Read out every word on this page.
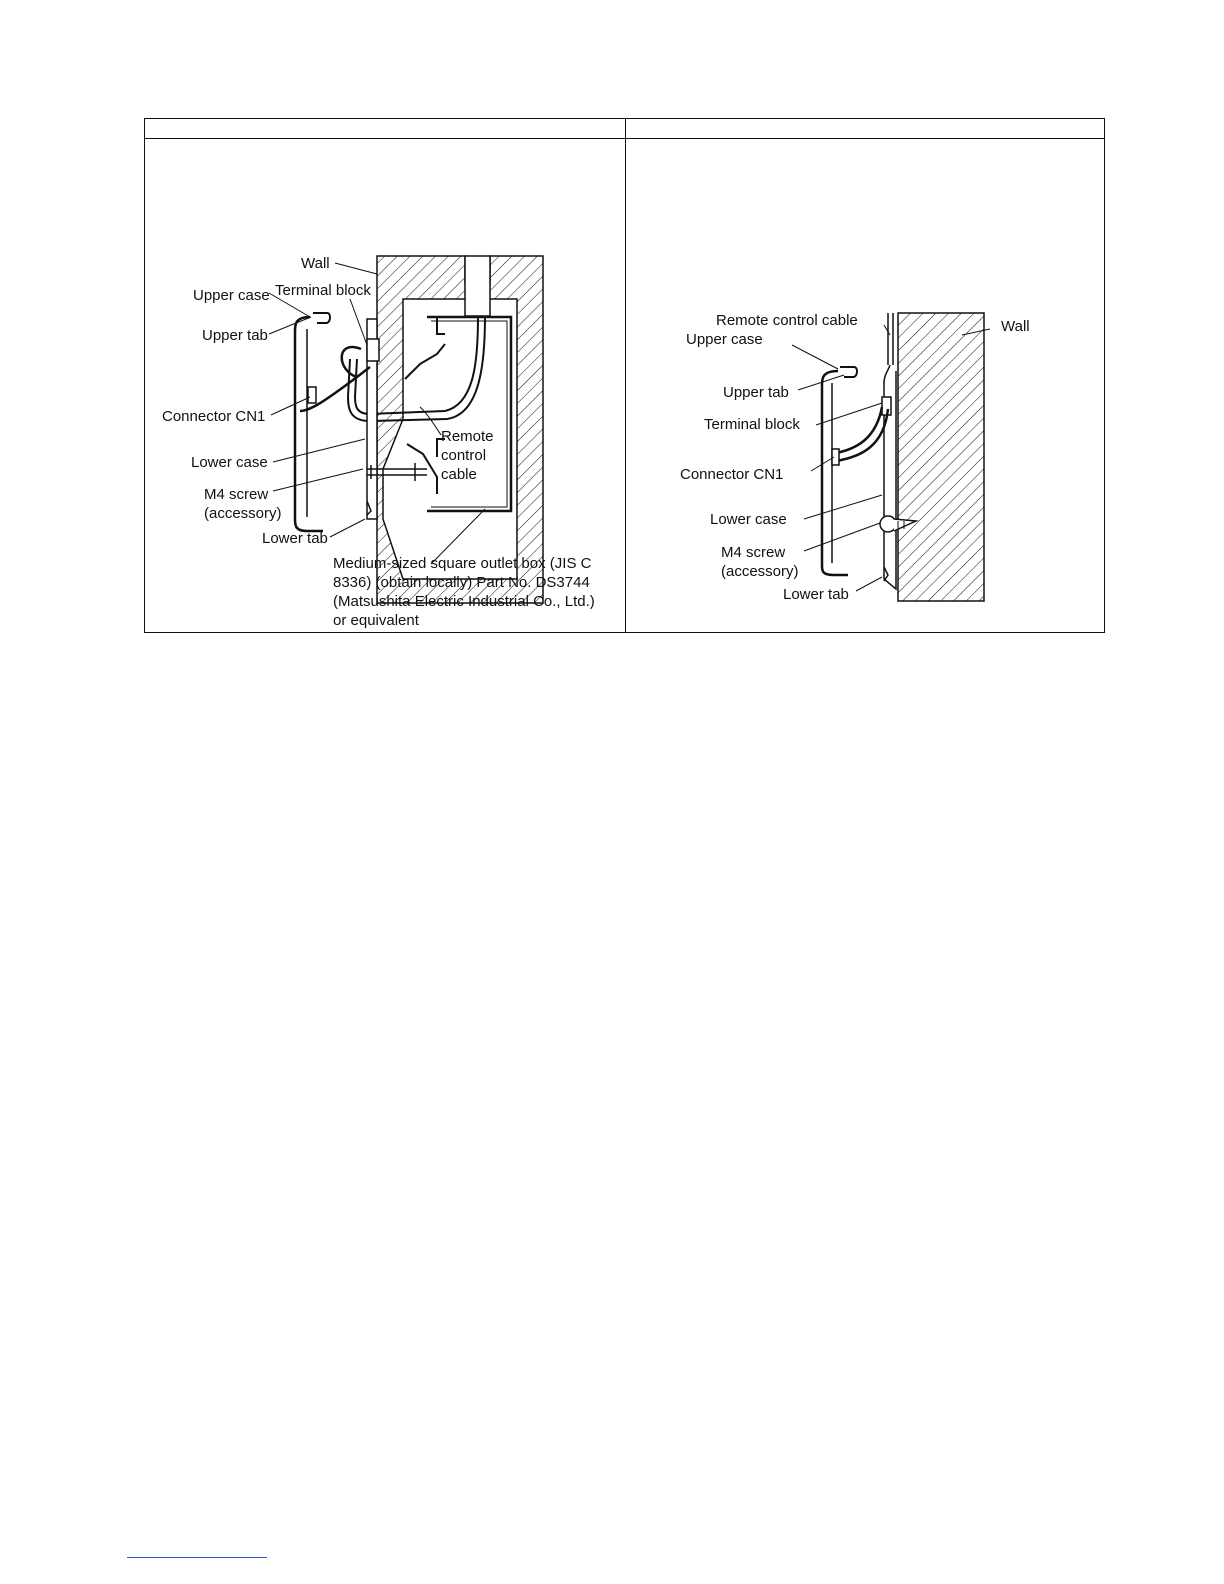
Wall
Upper case Terminal block
Upper tab
Connector CN1
Lower case
M4 screw
(accessory)
Lower tab
Remote
control
cable
Medium-sized square outlet box (JIS C
8336) (obtain locally) Part No. DS3744
(Matsushita Electric Industrial Co., Ltd.)
or equivalent
Remote control cable	Wall
Upper case
Upper tab
Terminal block
Connector CN1
Lower case
M4 screw
(accessory)
Lower tab
